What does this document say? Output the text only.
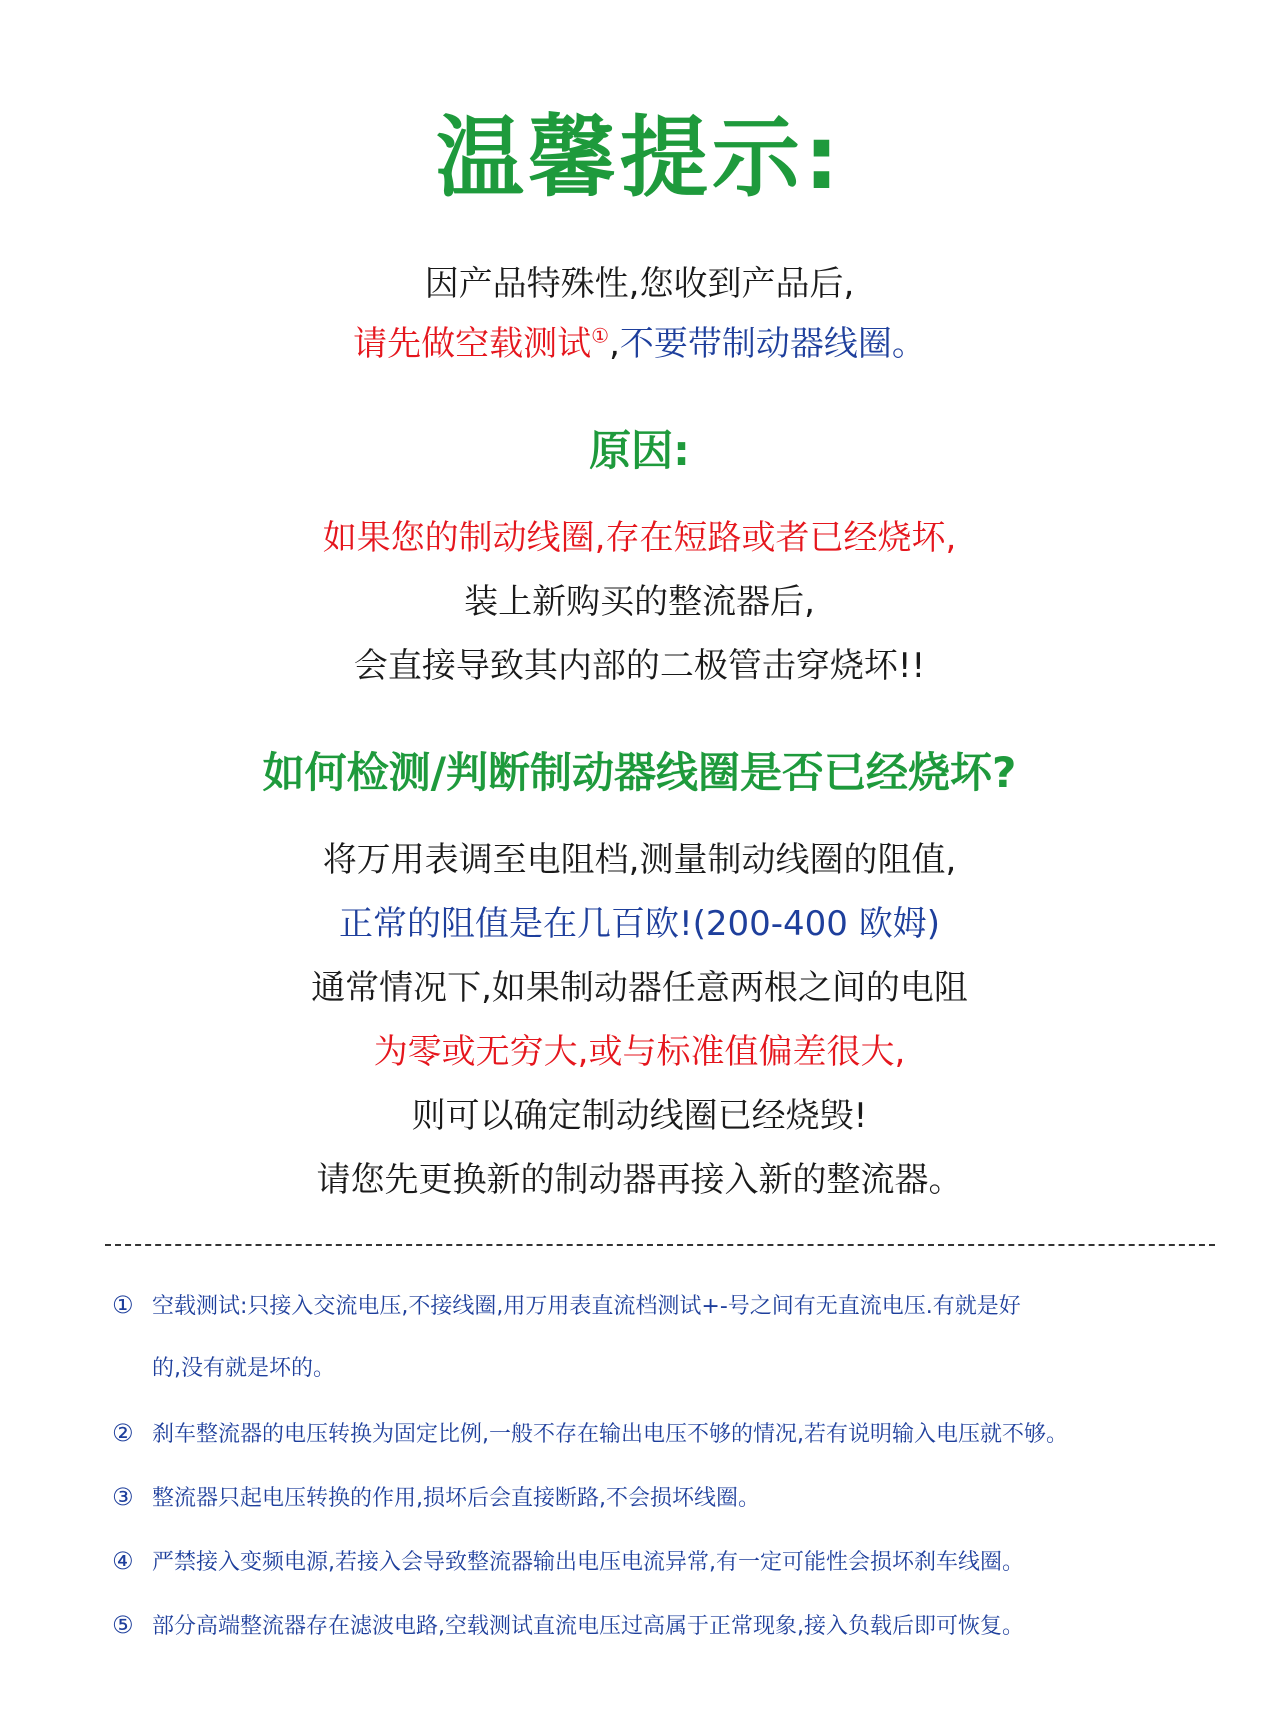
温馨提示:
因产品特殊性,您收到产品后,
请先做空载测试①,不要带制动器线圈。
原因:
如果您的制动线圈,存在短路或者已经烧坏,
装上新购买的整流器后,
会直接导致其内部的二极管击穿烧坏!!
如何检测/判断制动器线圈是否已经烧坏?
将万用表调至电阻档,测量制动线圈的阻值,
正常的阻值是在几百欧!(200-400 欧姆)
通常情况下,如果制动器任意两根之间的电阻
为零或无穷大,或与标准值偏差很大,
则可以确定制动线圈已经烧毁!
请您先更换新的制动器再接入新的整流器。
① 空载测试:只接入交流电压,不接线圈,用万用表直流档测试+-号之间有无直流电压.有就是好
的,没有就是坏的。
② 刹车整流器的电压转换为固定比例,一般不存在输出电压不够的情况,若有说明输入电压就不够。
③ 整流器只起电压转换的作用,损坏后会直接断路,不会损坏线圈。
④ 严禁接入变频电源,若接入会导致整流器输出电压电流异常,有一定可能性会损坏刹车线圈。
⑤ 部分高端整流器存在滤波电路,空载测试直流电压过高属于正常现象,接入负载后即可恢复。
